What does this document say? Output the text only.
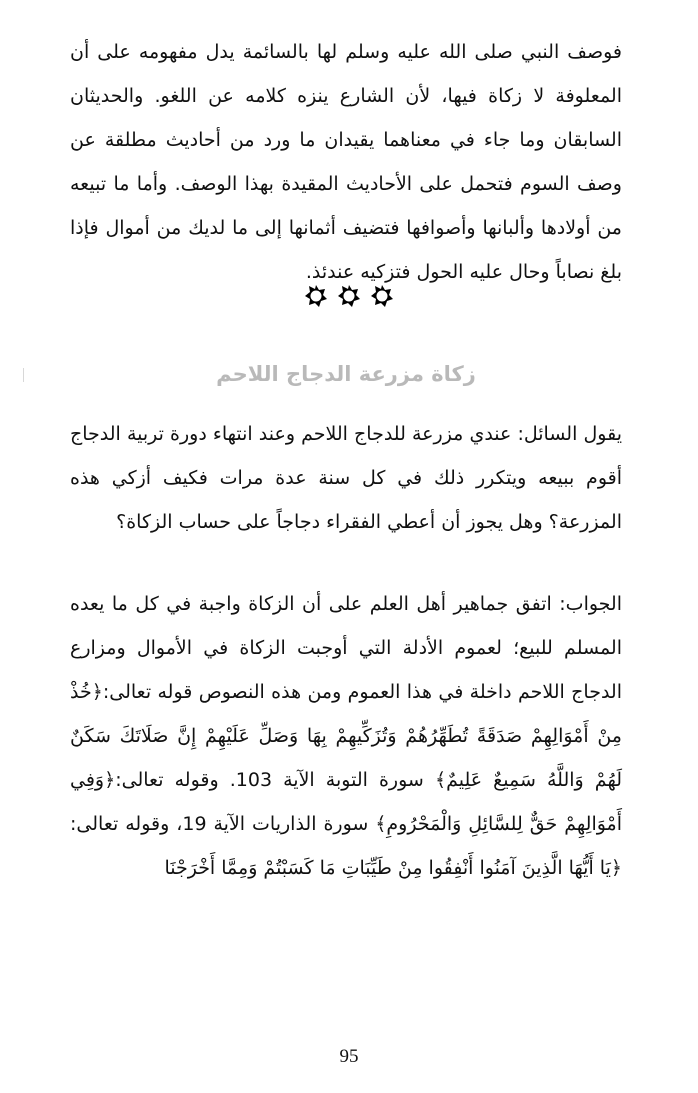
فوصف النبي صلى الله عليه وسلم لها بالسائمة يدل مفهومه على أن المعلوفة لا زكاة فيها، لأن الشارع ينزه كلامه عن اللغو. والحديثان السابقان وما جاء في معناهما يقيدان ما ورد من أحاديث مطلقة عن وصف السوم فتحمل على الأحاديث المقيدة بهذا الوصف. وأما ما تبيعه من أولادها وألبانها وأصوافها فتضيف أثمانها إلى ما لديك من أموال فإذا بلغ نصاباً وحال عليه الحول فتزكيه عندئذ.

زكاة مزرعة الدجاج اللاحم

يقول السائل: عندي مزرعة للدجاج اللاحم وعند انتهاء دورة تربية الدجاج أقوم ببيعه ويتكرر ذلك في كل سنة عدة مرات فكيف أزكي هذه المزرعة؟ وهل يجوز أن أعطي الفقراء دجاجاً على حساب الزكاة؟

الجواب: اتفق جماهير أهل العلم على أن الزكاة واجبة في كل ما يعده المسلم للبيع؛ لعموم الأدلة التي أوجبت الزكاة في الأموال ومزارع الدجاج اللاحم داخلة في هذا العموم ومن هذه النصوص قوله تعالى:﴿خُذْ مِنْ أَمْوَالِهِمْ صَدَقَةً تُطَهِّرُهُمْ وَتُزَكِّيهِمْ بِهَا وَصَلِّ عَلَيْهِمْ إِنَّ صَلَاتَكَ سَكَنٌ لَهُمْ وَاللَّهُ سَمِيعٌ عَلِيمٌ﴾ سورة التوبة الآية 103. وقوله تعالى:﴿وَفِي أَمْوَالِهِمْ حَقٌّ لِلسَّائِلِ وَالْمَحْرُومِ﴾ سورة الذاريات الآية 19، وقوله تعالى:﴿يَا أَيُّهَا الَّذِينَ آمَنُوا أَنْفِقُوا مِنْ طَيِّبَاتِ مَا كَسَبْتُمْ وَمِمَّا أَخْرَجْنَا

95
